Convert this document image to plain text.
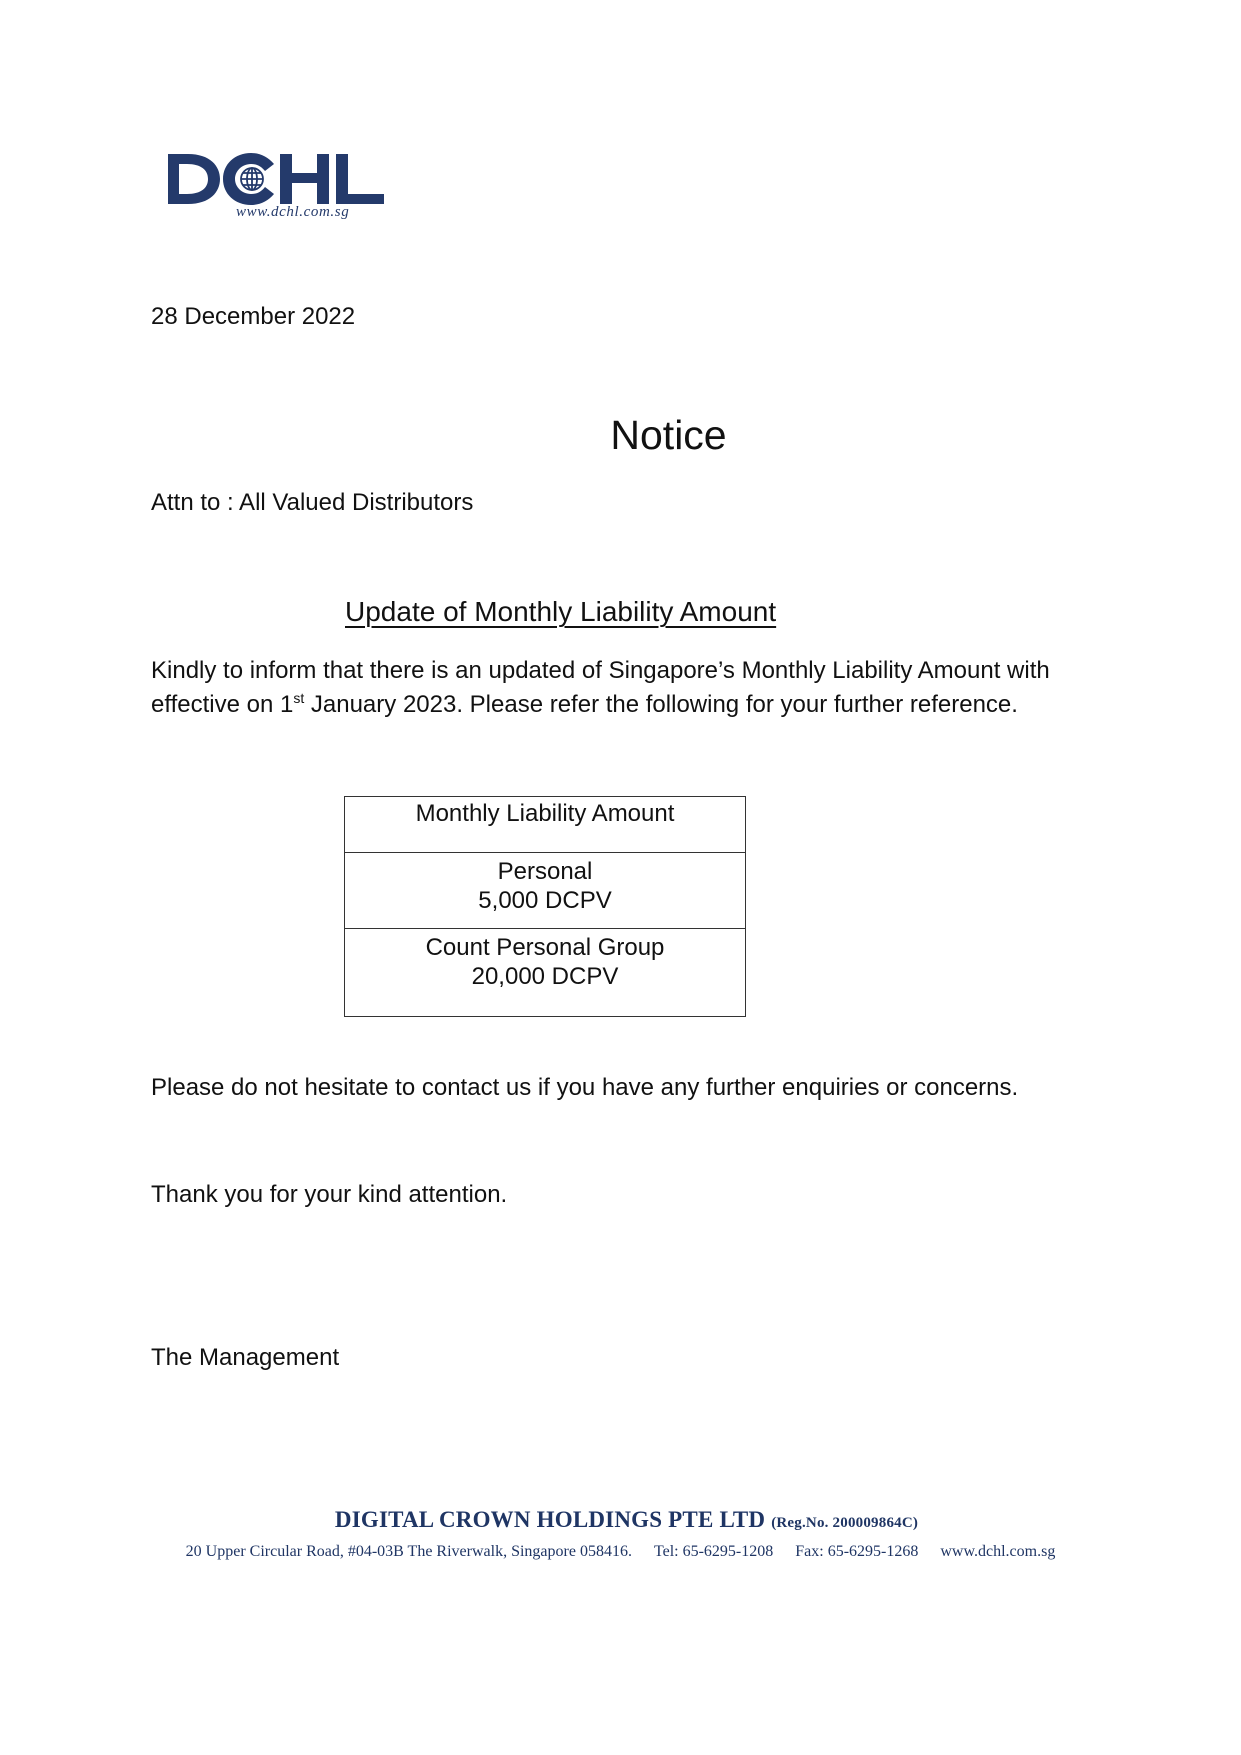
www.dchl.com.sg
28 December 2022
Notice
Attn to : All Valued Distributors
Update of Monthly Liability Amount
Kindly to inform that there is an updated of Singapore’s Monthly Liability Amount with effective on 1st January 2023. Please refer the following for your further reference.
Monthly Liability Amount

Personal
5,000 DCPV

Count Personal Group
20,000 DCPV
Please do not hesitate to contact us if you have any further enquiries or concerns.
Thank you for your kind attention.
The Management
DIGITAL CROWN HOLDINGS PTE LTD (Reg.No. 200009864C)
20 Upper Circular Road, #04-03B The Riverwalk, Singapore 058416. Tel: 65-6295-1208 Fax: 65-6295-1268 www.dchl.com.sg
